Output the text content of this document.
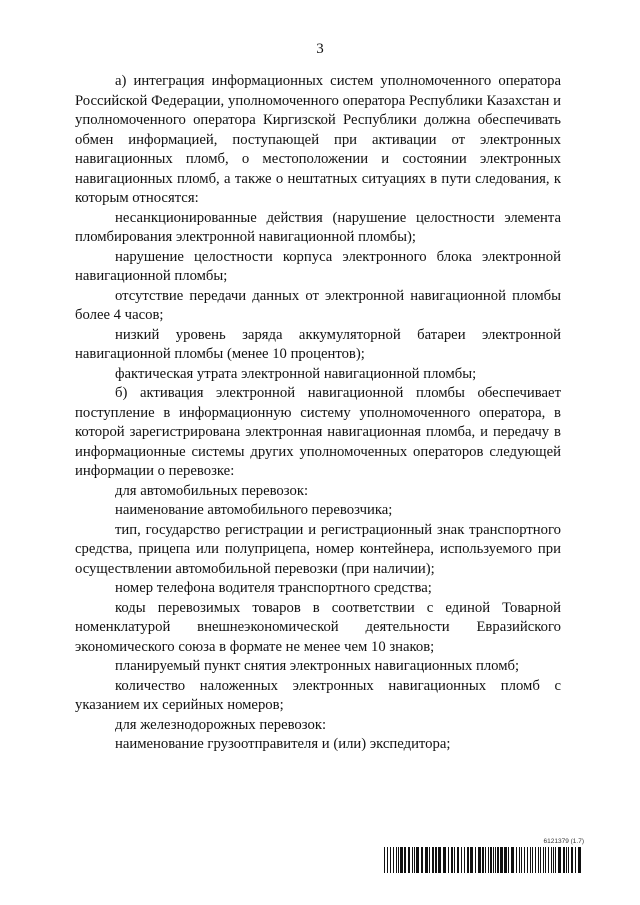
3

а) интеграция информационных систем уполномоченного оператора Российской Федерации, уполномоченного оператора Республики Казахстан и уполномоченного оператора Киргизской Республики должна обеспечивать обмен информацией, поступающей при активации от электронных навигационных пломб, о местоположении и состоянии электронных навигационных пломб, а также о нештатных ситуациях в пути следования, к которым относятся:

несанкционированные действия (нарушение целостности элемента пломбирования электронной навигационной пломбы);

нарушение целостности корпуса электронного блока электронной навигационной пломбы;

отсутствие передачи данных от электронной навигационной пломбы более 4 часов;

низкий уровень заряда аккумуляторной батареи электронной навигационной пломбы (менее 10 процентов);

фактическая утрата электронной навигационной пломбы;

б) активация электронной навигационной пломбы обеспечивает поступление в информационную систему уполномоченного оператора, в которой зарегистрирована электронная навигационная пломба, и передачу в информационные системы других уполномоченных операторов следующей информации о перевозке:

для автомобильных перевозок:

наименование автомобильного перевозчика;

тип, государство регистрации и регистрационный знак транспортного средства, прицепа или полуприцепа, номер контейнера, используемого при осуществлении автомобильной перевозки (при наличии);

номер телефона водителя транспортного средства;

коды перевозимых товаров в соответствии с единой Товарной номенклатурой внешнеэкономической деятельности Евразийского экономического союза в формате не менее чем 10 знаков;

планируемый пункт снятия электронных навигационных пломб;

количество наложенных электронных навигационных пломб с указанием их серийных номеров;

для железнодорожных перевозок:

наименование грузоотправителя и (или) экспедитора;

6121379 (1.7)
